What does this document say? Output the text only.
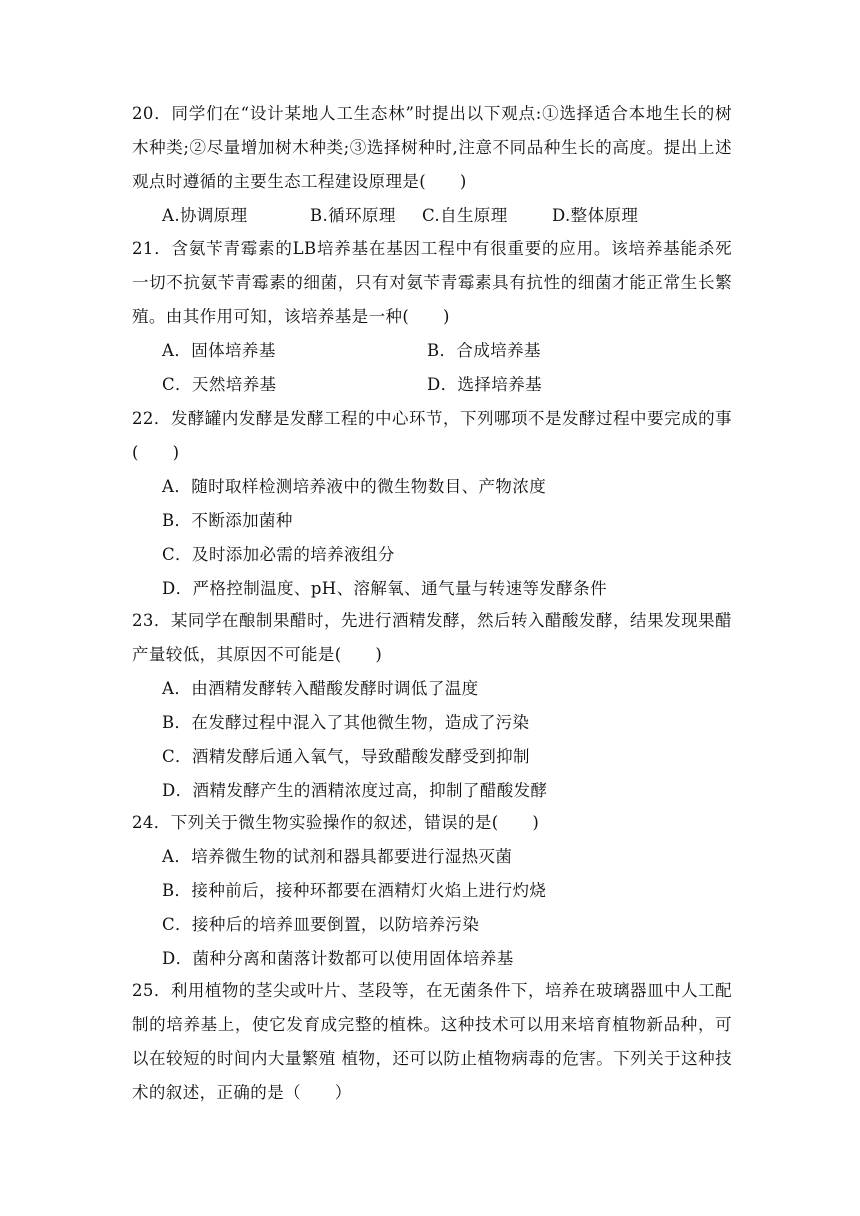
20．同学们在“设计某地人工生态林”时提出以下观点:①选择适合本地生长的树木种类;②尽量增加树木种类;③选择树种时,注意不同品种生长的高度。提出上述观点时遵循的主要生态工程建设原理是(　　)
A.协调原理	B.循环原理	C.自生原理	D.整体原理
21．含氨苄青霉素的LB培养基在基因工程中有很重要的应用。该培养基能杀死一切不抗氨苄青霉素的细菌，只有对氨苄青霉素具有抗性的细菌才能正常生长繁殖。由其作用可知，该培养基是一种(　　)
A．固体培养基	B．合成培养基
C．天然培养基	D．选择培养基
22．发酵罐内发酵是发酵工程的中心环节，下列哪项不是发酵过程中要完成的事(　　)
A．随时取样检测培养液中的微生物数目、产物浓度
B．不断添加菌种
C．及时添加必需的培养液组分
D．严格控制温度、pH、溶解氧、通气量与转速等发酵条件
23．某同学在酿制果醋时，先进行酒精发酵，然后转入醋酸发酵，结果发现果醋产量较低，其原因不可能是(　　)
A．由酒精发酵转入醋酸发酵时调低了温度
B．在发酵过程中混入了其他微生物，造成了污染
C．酒精发酵后通入氧气，导致醋酸发酵受到抑制
D．酒精发酵产生的酒精浓度过高，抑制了醋酸发酵
24．下列关于微生物实验操作的叙述，错误的是(　　)
A．培养微生物的试剂和器具都要进行湿热灭菌
B．接种前后，接种环都要在酒精灯火焰上进行灼烧
C．接种后的培养皿要倒置，以防培养污染
D．菌种分离和菌落计数都可以使用固体培养基
25．利用植物的茎尖或叶片、茎段等，在无菌条件下，培养在玻璃器皿中人工配制的培养基上，使它发育成完整的植株。这种技术可以用来培育植物新品种，可以在较短的时间内大量繁殖 植物，还可以防止植物病毒的危害。下列关于这种技术的叙述，正确的是（　　）
